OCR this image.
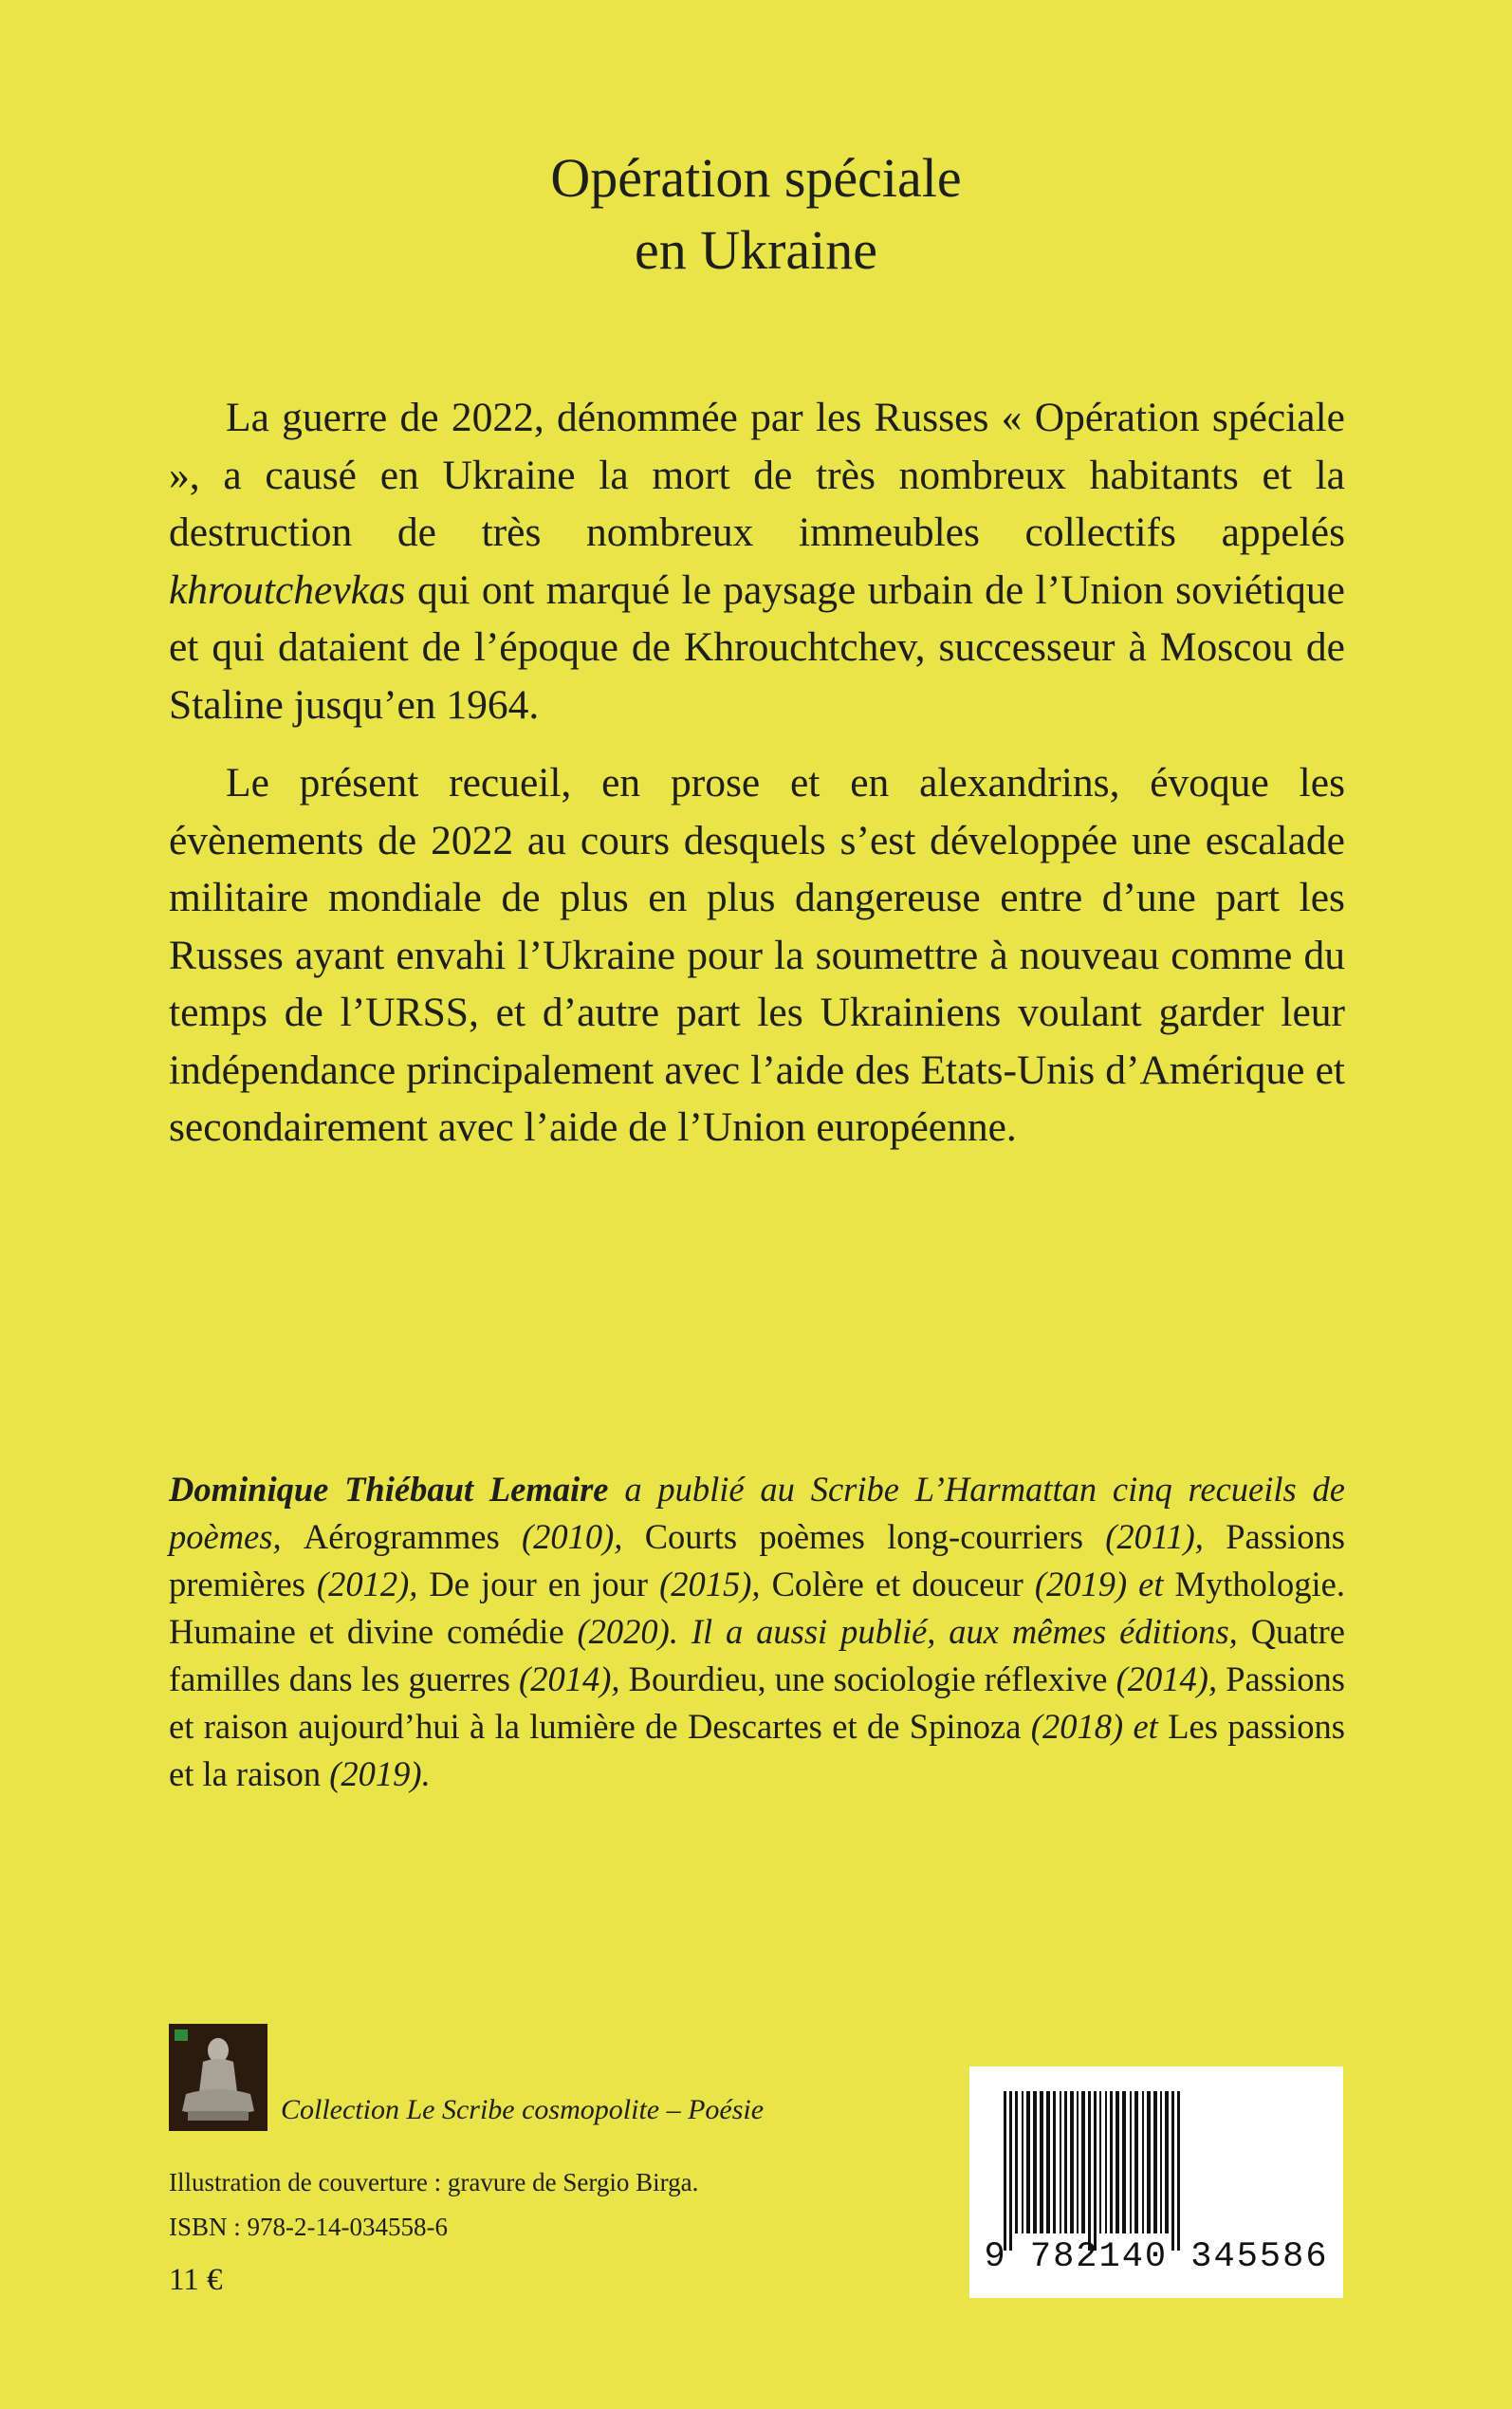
Opération spéciale
en Ukraine

La guerre de 2022, dénommée par les Russes « Opération spéciale », a causé en Ukraine la mort de très nombreux habitants et la destruction de très nombreux immeubles collectifs appelés khroutchevkas qui ont marqué le paysage urbain de l’Union soviétique et qui dataient de l’époque de Khrouchtchev, successeur à Moscou de Staline jusqu’en 1964.

Le présent recueil, en prose et en alexandrins, évoque les évènements de 2022 au cours desquels s’est développée une escalade militaire mondiale de plus en plus dangereuse entre d’une part les Russes ayant envahi l’Ukraine pour la soumettre à nouveau comme du temps de l’URSS, et d’autre part les Ukrainiens voulant garder leur indépendance principalement avec l’aide des Etats-Unis d’Amérique et secondairement avec l’aide de l’Union européenne.

Dominique Thiébaut Lemaire a publié au Scribe L’Harmattan cinq recueils de poèmes, Aérogrammes (2010), Courts poèmes long-courriers (2011), Passions premières (2012), De jour en jour (2015), Colère et douceur (2019) et Mythologie. Humaine et divine comédie (2020). Il a aussi publié, aux mêmes éditions, Quatre familles dans les guerres (2014), Bourdieu, une sociologie réflexive (2014), Passions et raison aujourd’hui à la lumière de Descartes et de Spinoza (2018) et Les passions et la raison (2019).

Collection Le Scribe cosmopolite – Poésie
Illustration de couverture : gravure de Sergio Birga.
ISBN : 978-2-14-034558-6
11 €
9 782140 345586
